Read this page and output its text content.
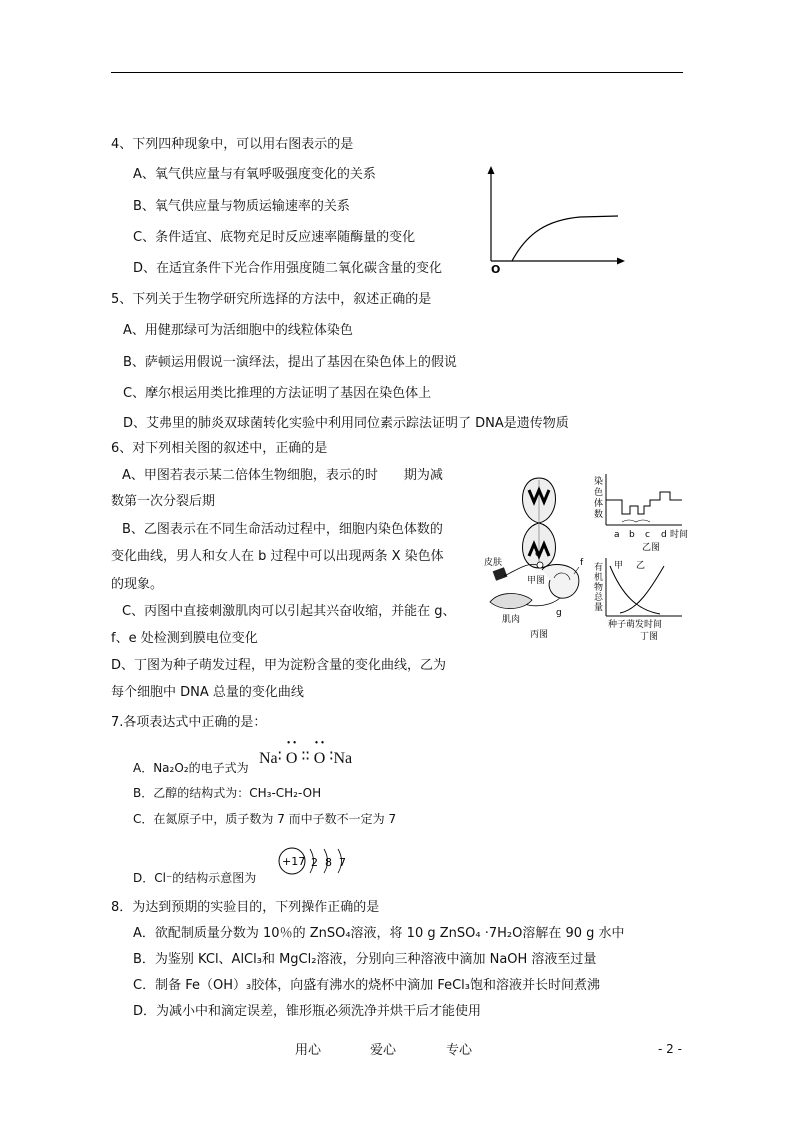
4、下列四种现象中，可以用右图表示的是
A、氧气供应量与有氧呼吸强度变化的关系
B、氧气供应量与物质运输速率的关系
C、条件适宜、底物充足时反应速率随酶量的变化
D、在适宜条件下光合作用强度随二氧化碳含量的变化	O
5、下列关于生物学研究所选择的方法中，叙述正确的是
A、用健那绿可为活细胞中的线粒体染色
B、萨顿运用假说一演绎法，提出了基因在染色体上的假说
C、摩尔根运用类比推理的方法证明了基因在染色体上
D、艾弗里的肺炎双球菌转化实验中利用同位素示踪法证明了 DNA是遗传物质
6、对下列相关图的叙述中，正确的是
A、甲图若表示某二倍体生物细胞，表示的时　　期为减
数第一次分裂后期
B、乙图表示在不同生命活动过程中，细胞内染色体数的
变化曲线，男人和女人在 b 过程中可以出现两条 X 染色体
的现象。
C、丙图中直接刺激肌肉可以引起其兴奋收缩，并能在 g、
f、e 处检测到膜电位变化
D、丁图为种子萌发过程，甲为淀粉含量的变化曲线，乙为
每个细胞中 DNA 总量的变化曲线
甲图
染
色
体
数
a b c d 时间
乙图
皮肤
e
f
g
肌肉
丙图
有
机
物
总
量
甲 乙
种子萌发时间
丁图
7.各项表达式中正确的是：
A．Na₂O₂的电子式为
Na∶
• •
O ∶∶
• •
O ∶Na
B．乙醇的结构式为：CH₃-CH₂-OH
C．在氮原子中，质子数为 7 而中子数不一定为 7
D．Cl⁻的结构示意图为
+17 2 8 7
8．为达到预期的实验目的，下列操作正确的是
A．欲配制质量分数为 10％的 ZnSO₄溶液，将 10 g ZnSO₄ ·7H₂O溶解在 90 g 水中
B．为鉴别 KCl、AlCl₃和 MgCl₂溶液，分别向三种溶液中滴加 NaOH 溶液至过量
C．制备 Fe（OH）₃胶体，向盛有沸水的烧杯中滴加 FeCl₃饱和溶液并长时间煮沸
D．为减小中和滴定误差，锥形瓶必须洗净并烘干后才能使用
用心	爱心	专心	- 2 -
